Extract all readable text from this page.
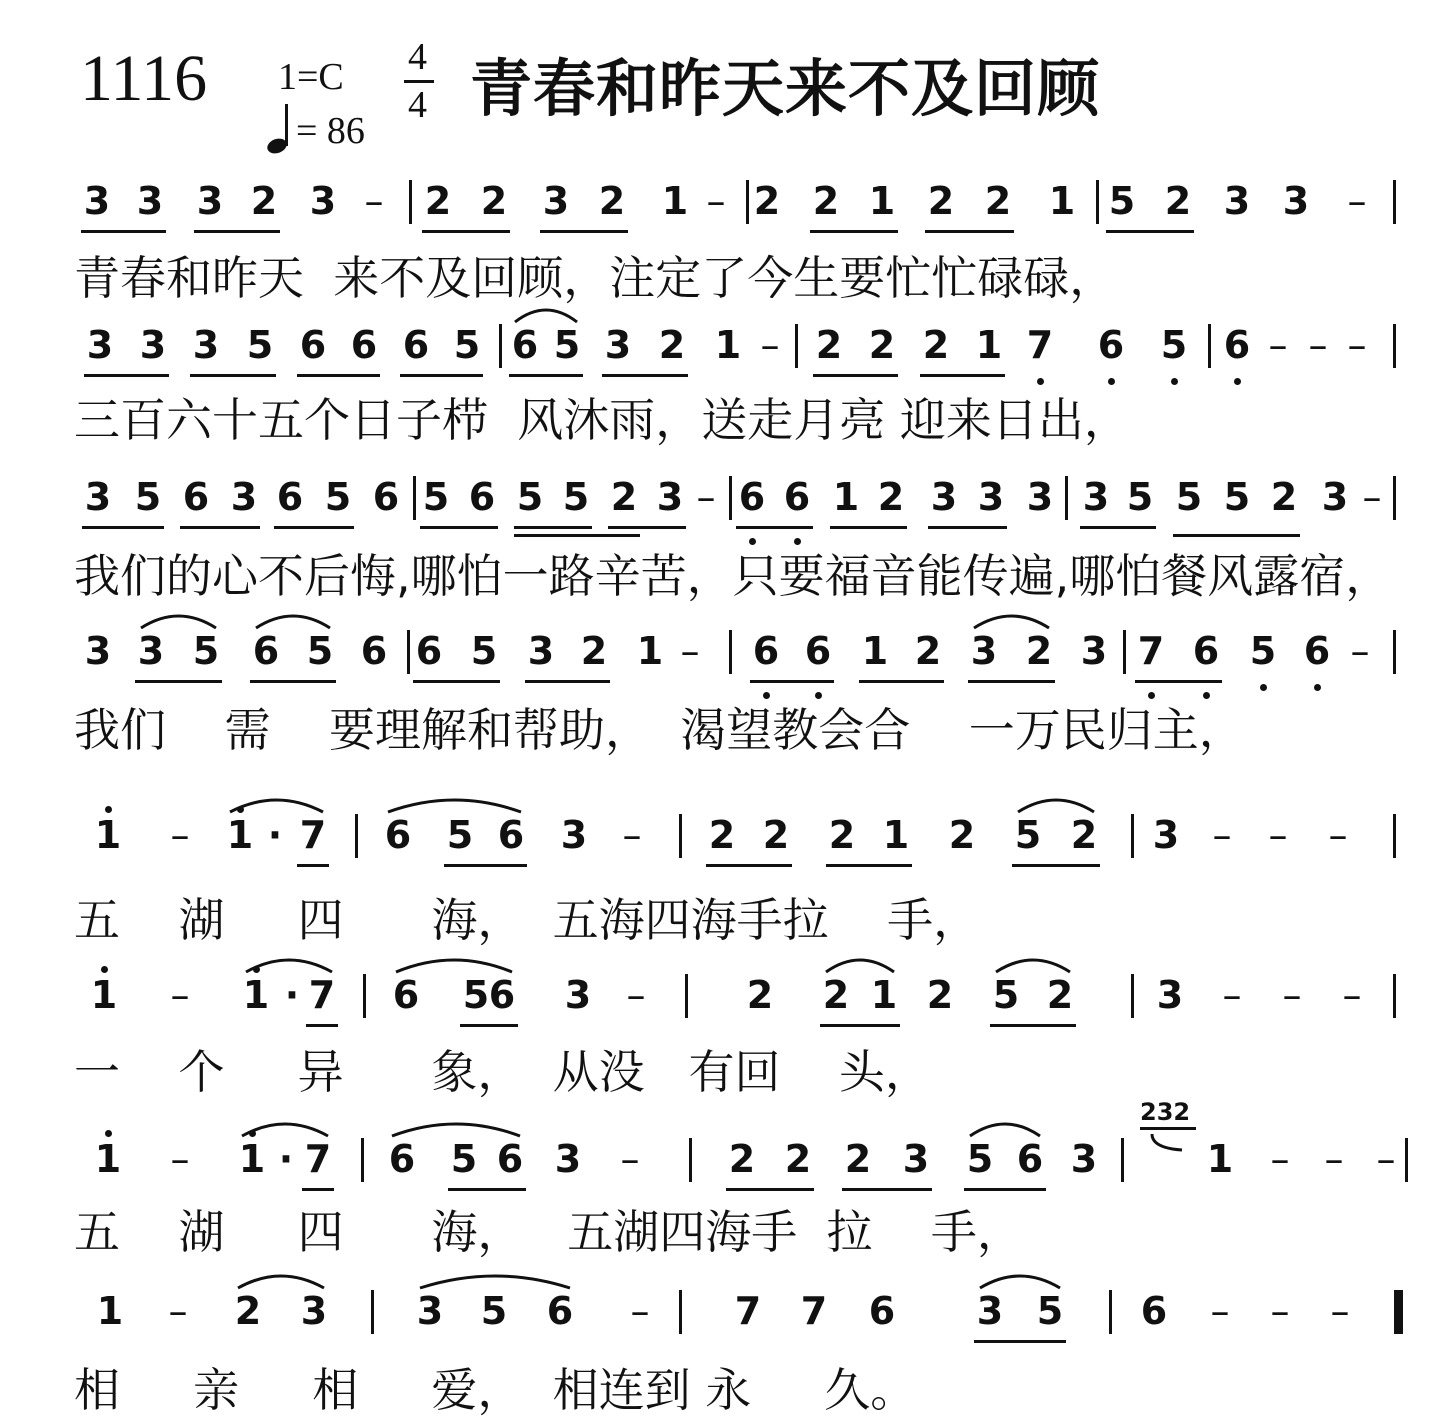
1116 1=C 4
4
= 86
青春和昨天来不及回顾
3 3 3 2 3 – 2 2 3 2 1 – 2 2 1 2 2 1 5 2 3 3 –
青春和昨天  来不及回顾，注定了今生要忙忙碌碌，
3 3 3 5 6 6 6 5 6 5 3 2 1 – 2 2 2 1 7 6 5 6 – – –
三百六十五个日子栉  风沐雨，送走月亮 迎来日出，
3 5 6 3 6 5 6 5 6 5 5 2 3 – 6 6 1 2 3 3 3 3 5 5 5 2 3 –
我们的心不后悔,哪怕一路辛苦，只要福音能传遍,哪怕餐风露宿，
3 3 5 6 5 6 6 5 3 2 1 – 6 6 1 2 3 2 3 7 6 5 6 –
我们    需    要理解和帮助，  渴望教会合    一万民归主，
1 – 1 · 7 6 5 6 3 – 2 2 2 1 2 5 2 3 – – –
五    湖     四      海，  五海四海手拉    手，
1 – 1 · 7 6 5 6 3 –	2 2 1 2 5 2 3 – – –
一    个     异      象，  从没   有回    头，
1 – 1 · 7 6 5 6 3 – 2 2 2 3 5 6 3	1 – – –
232
五    湖     四      海，   五湖四海手  拉    手，
1 – 2 3 3 5 6 – 7 7 6 3 5 6 – – –
相     亲     相     爱，  相连到 永     久。
